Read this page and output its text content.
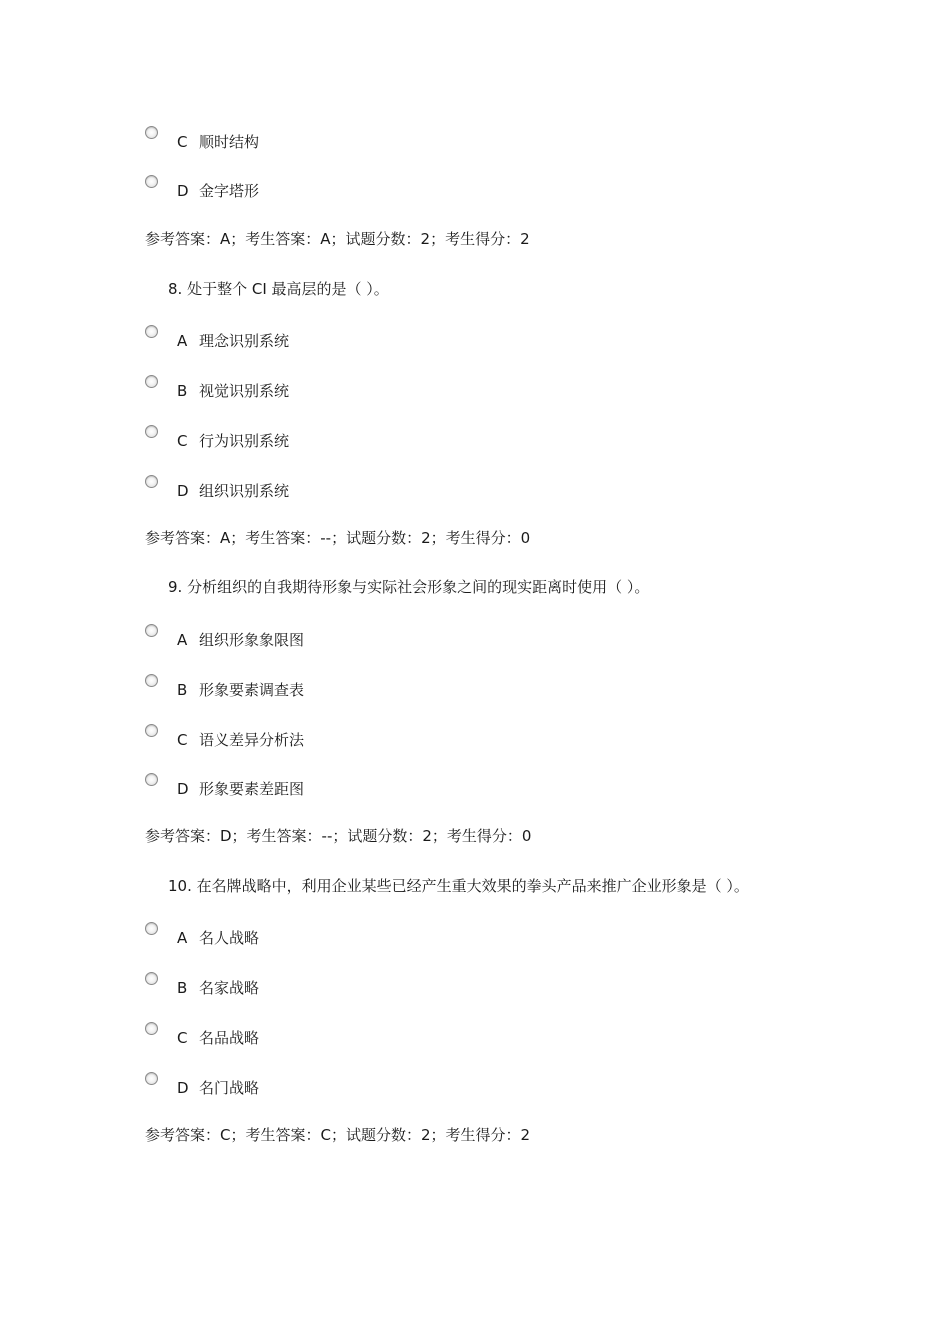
C 顺时结构
D 金字塔形
参考答案：A；考生答案：A；试题分数：2；考生得分：2
8. 处于整个 CI 最高层的是（ ）。
A 理念识别系统
B 视觉识别系统
C 行为识别系统
D 组织识别系统
参考答案：A；考生答案：--；试题分数：2；考生得分：0
9. 分析组织的自我期待形象与实际社会形象之间的现实距离时使用（ ）。
A 组织形象象限图
B 形象要素调查表
C 语义差异分析法
D 形象要素差距图
参考答案：D；考生答案：--；试题分数：2；考生得分：0
10. 在名牌战略中，利用企业某些已经产生重大效果的拳头产品来推广企业形象是（ ）。
A 名人战略
B 名家战略
C 名品战略
D 名门战略
参考答案：C；考生答案：C；试题分数：2；考生得分：2
